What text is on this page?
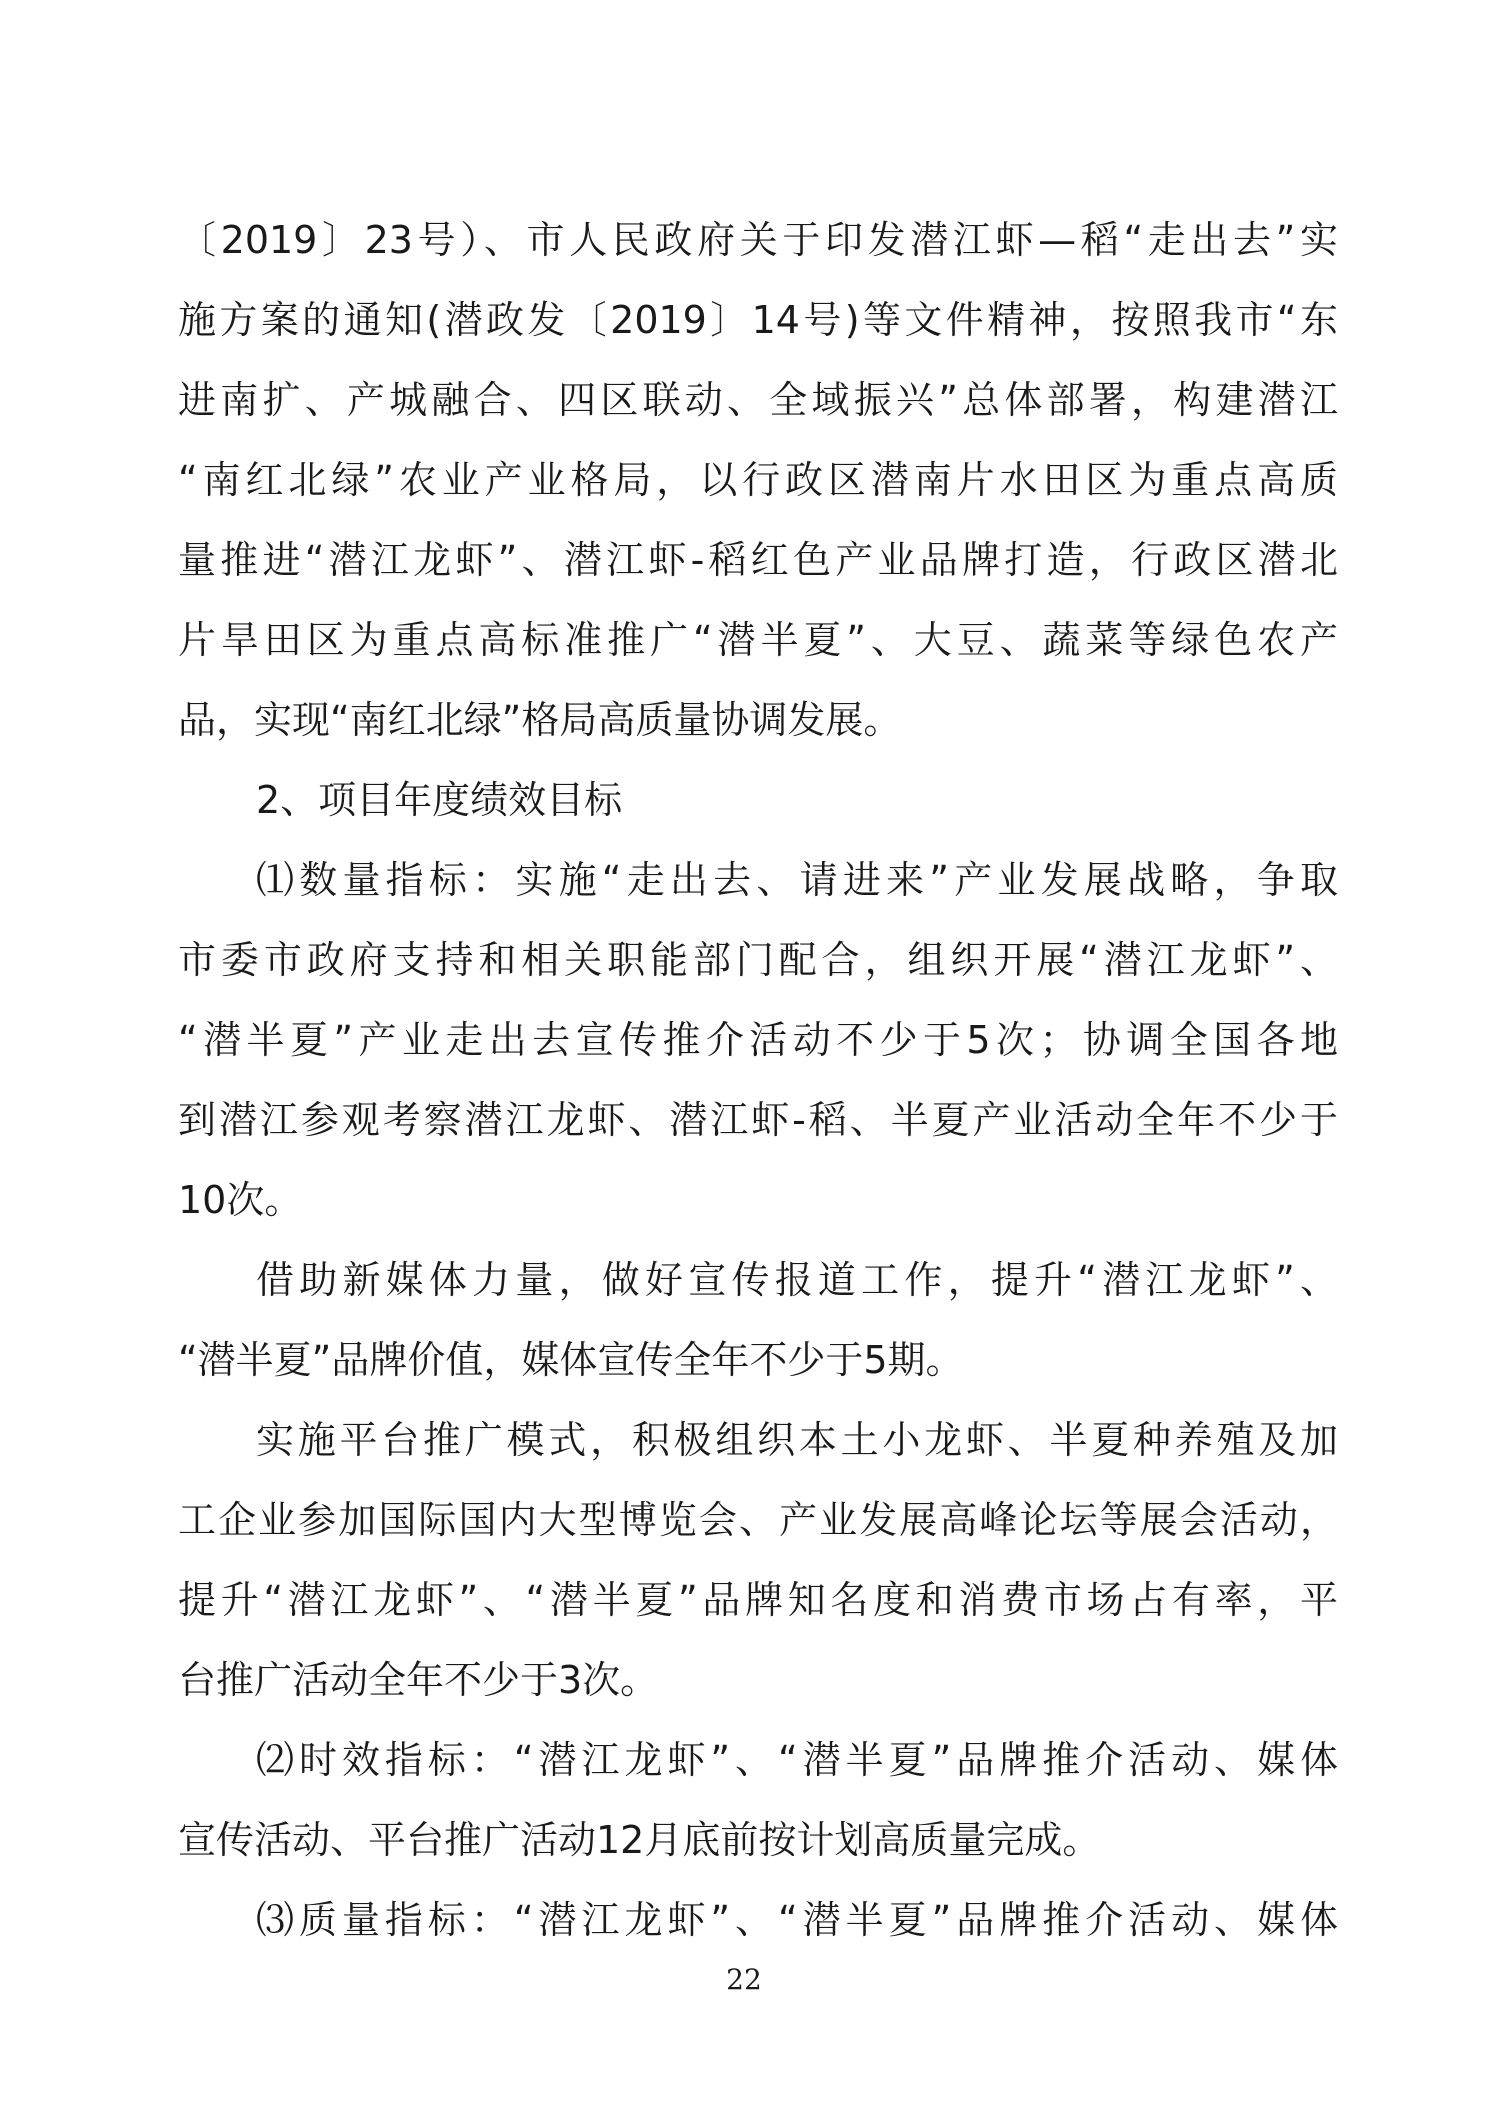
〔2019〕23号）、市人民政府关于印发潜江虾—稻“走出去”实
施方案的通知(潜政发〔2019〕14号)等文件精神，按照我市“东
进南扩、产城融合、四区联动、全域振兴”总体部署，构建潜江
“南红北绿”农业产业格局，以行政区潜南片水田区为重点高质
量推进“潜江龙虾”、潜江虾-稻红色产业品牌打造，行政区潜北
片旱田区为重点高标准推广“潜半夏”、大豆、蔬菜等绿色农产
品，实现“南红北绿”格局高质量协调发展。
2、项目年度绩效目标
⑴数量指标：实施“走出去、请进来”产业发展战略，争取
市委市政府支持和相关职能部门配合，组织开展“潜江龙虾”、
“潜半夏”产业走出去宣传推介活动不少于5次；协调全国各地
到潜江参观考察潜江龙虾、潜江虾-稻、半夏产业活动全年不少于
10次。
借助新媒体力量，做好宣传报道工作，提升“潜江龙虾”、
“潜半夏”品牌价值，媒体宣传全年不少于5期。
实施平台推广模式，积极组织本土小龙虾、半夏种养殖及加
工企业参加国际国内大型博览会、产业发展高峰论坛等展会活动，
提升“潜江龙虾”、“潜半夏”品牌知名度和消费市场占有率，平
台推广活动全年不少于3次。
⑵时效指标：“潜江龙虾”、“潜半夏”品牌推介活动、媒体
宣传活动、平台推广活动12月底前按计划高质量完成。
⑶质量指标：“潜江龙虾”、“潜半夏”品牌推介活动、媒体
22
